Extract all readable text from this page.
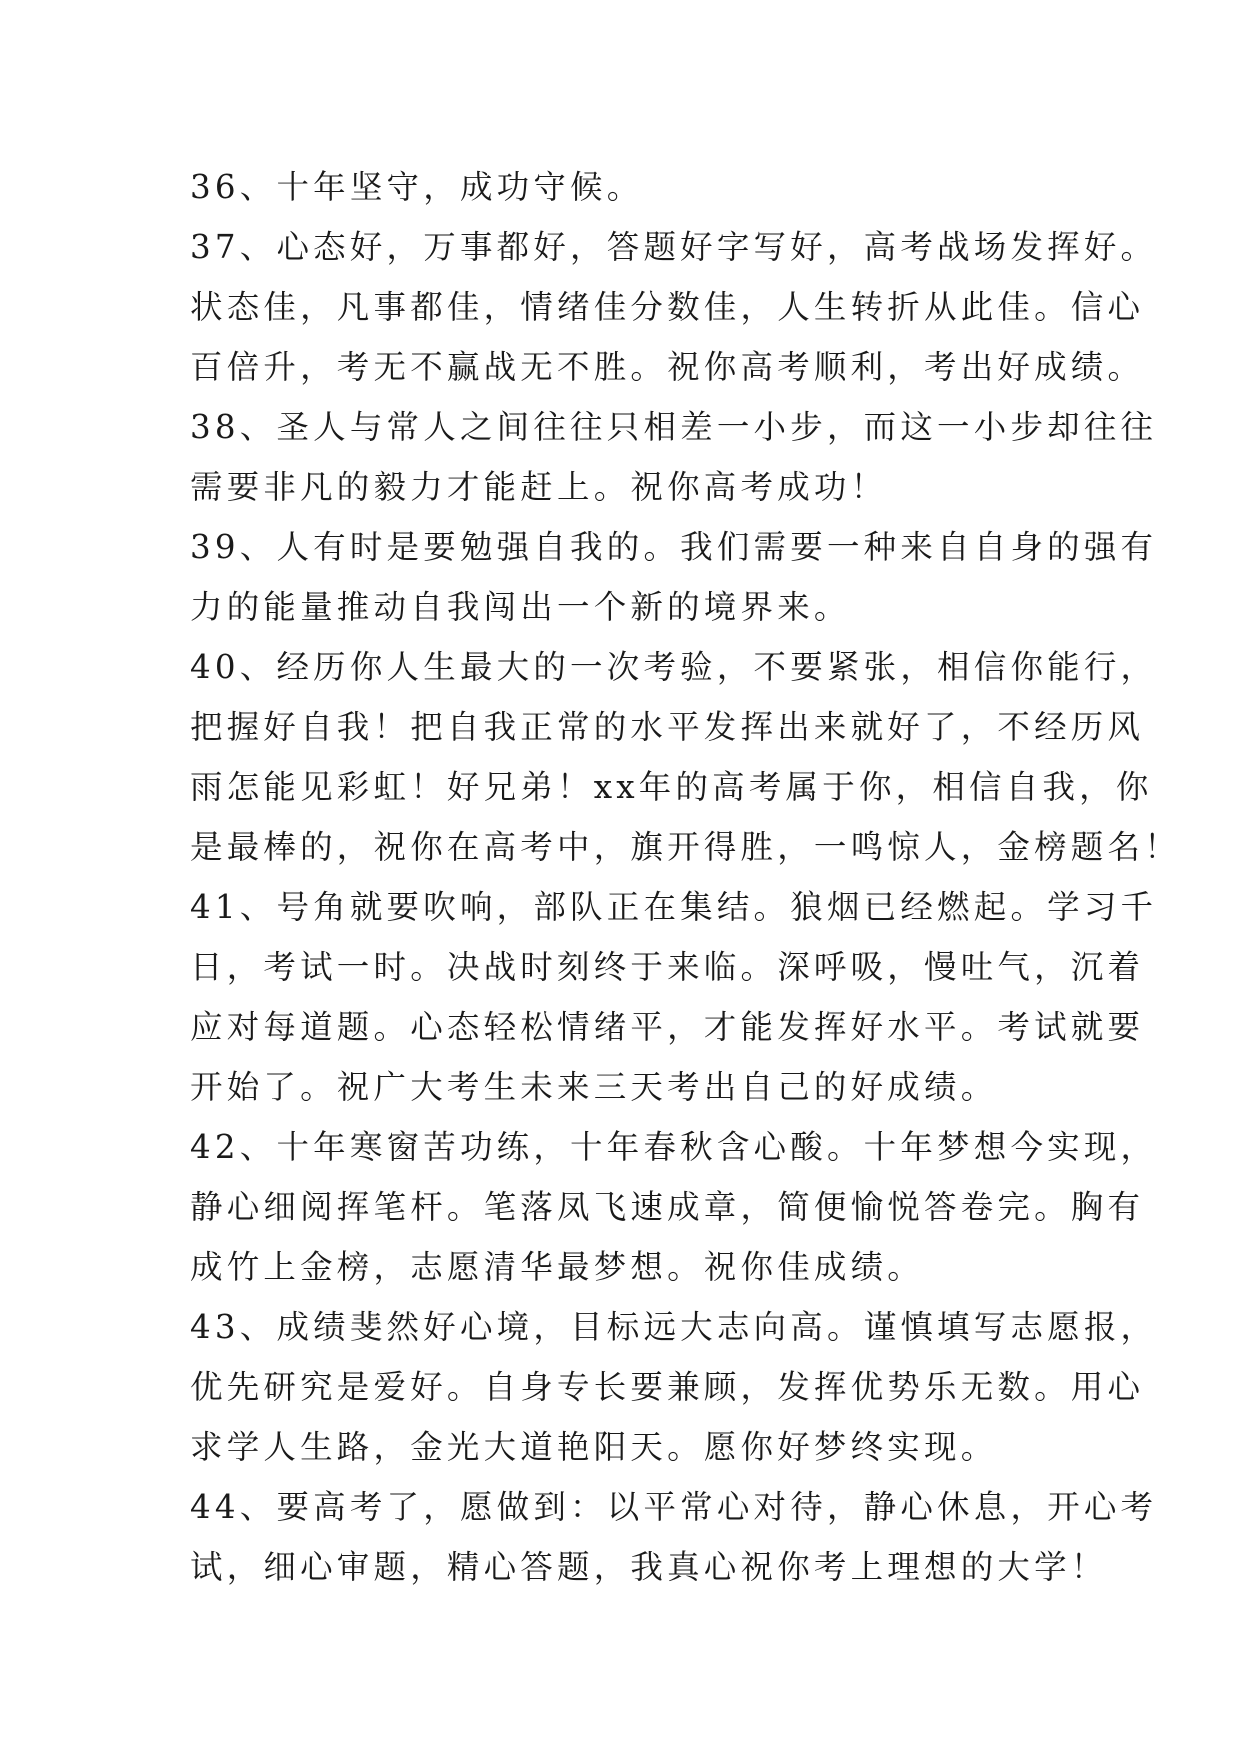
36、十年坚守，成功守候。
37、心态好，万事都好，答题好字写好，高考战场发挥好。
状态佳，凡事都佳，情绪佳分数佳，人生转折从此佳。信心
百倍升，考无不赢战无不胜。祝你高考顺利，考出好成绩。
38、圣人与常人之间往往只相差一小步，而这一小步却往往
需要非凡的毅力才能赶上。祝你高考成功！
39、人有时是要勉强自我的。我们需要一种来自自身的强有
力的能量推动自我闯出一个新的境界来。
40、经历你人生最大的一次考验，不要紧张，相信你能行，
把握好自我！把自我正常的水平发挥出来就好了，不经历风
雨怎能见彩虹！好兄弟！xx年的高考属于你，相信自我，你
是最棒的，祝你在高考中，旗开得胜，一鸣惊人，金榜题名！
41、号角就要吹响，部队正在集结。狼烟已经燃起。学习千
日，考试一时。决战时刻终于来临。深呼吸，慢吐气，沉着
应对每道题。心态轻松情绪平，才能发挥好水平。考试就要
开始了。祝广大考生未来三天考出自己的好成绩。
42、十年寒窗苦功练，十年春秋含心酸。十年梦想今实现，
静心细阅挥笔杆。笔落凤飞速成章，简便愉悦答卷完。胸有
成竹上金榜，志愿清华最梦想。祝你佳成绩。
43、成绩斐然好心境，目标远大志向高。谨慎填写志愿报，
优先研究是爱好。自身专长要兼顾，发挥优势乐无数。用心
求学人生路，金光大道艳阳天。愿你好梦终实现。
44、要高考了，愿做到：以平常心对待，静心休息，开心考
试，细心审题，精心答题，我真心祝你考上理想的大学！
